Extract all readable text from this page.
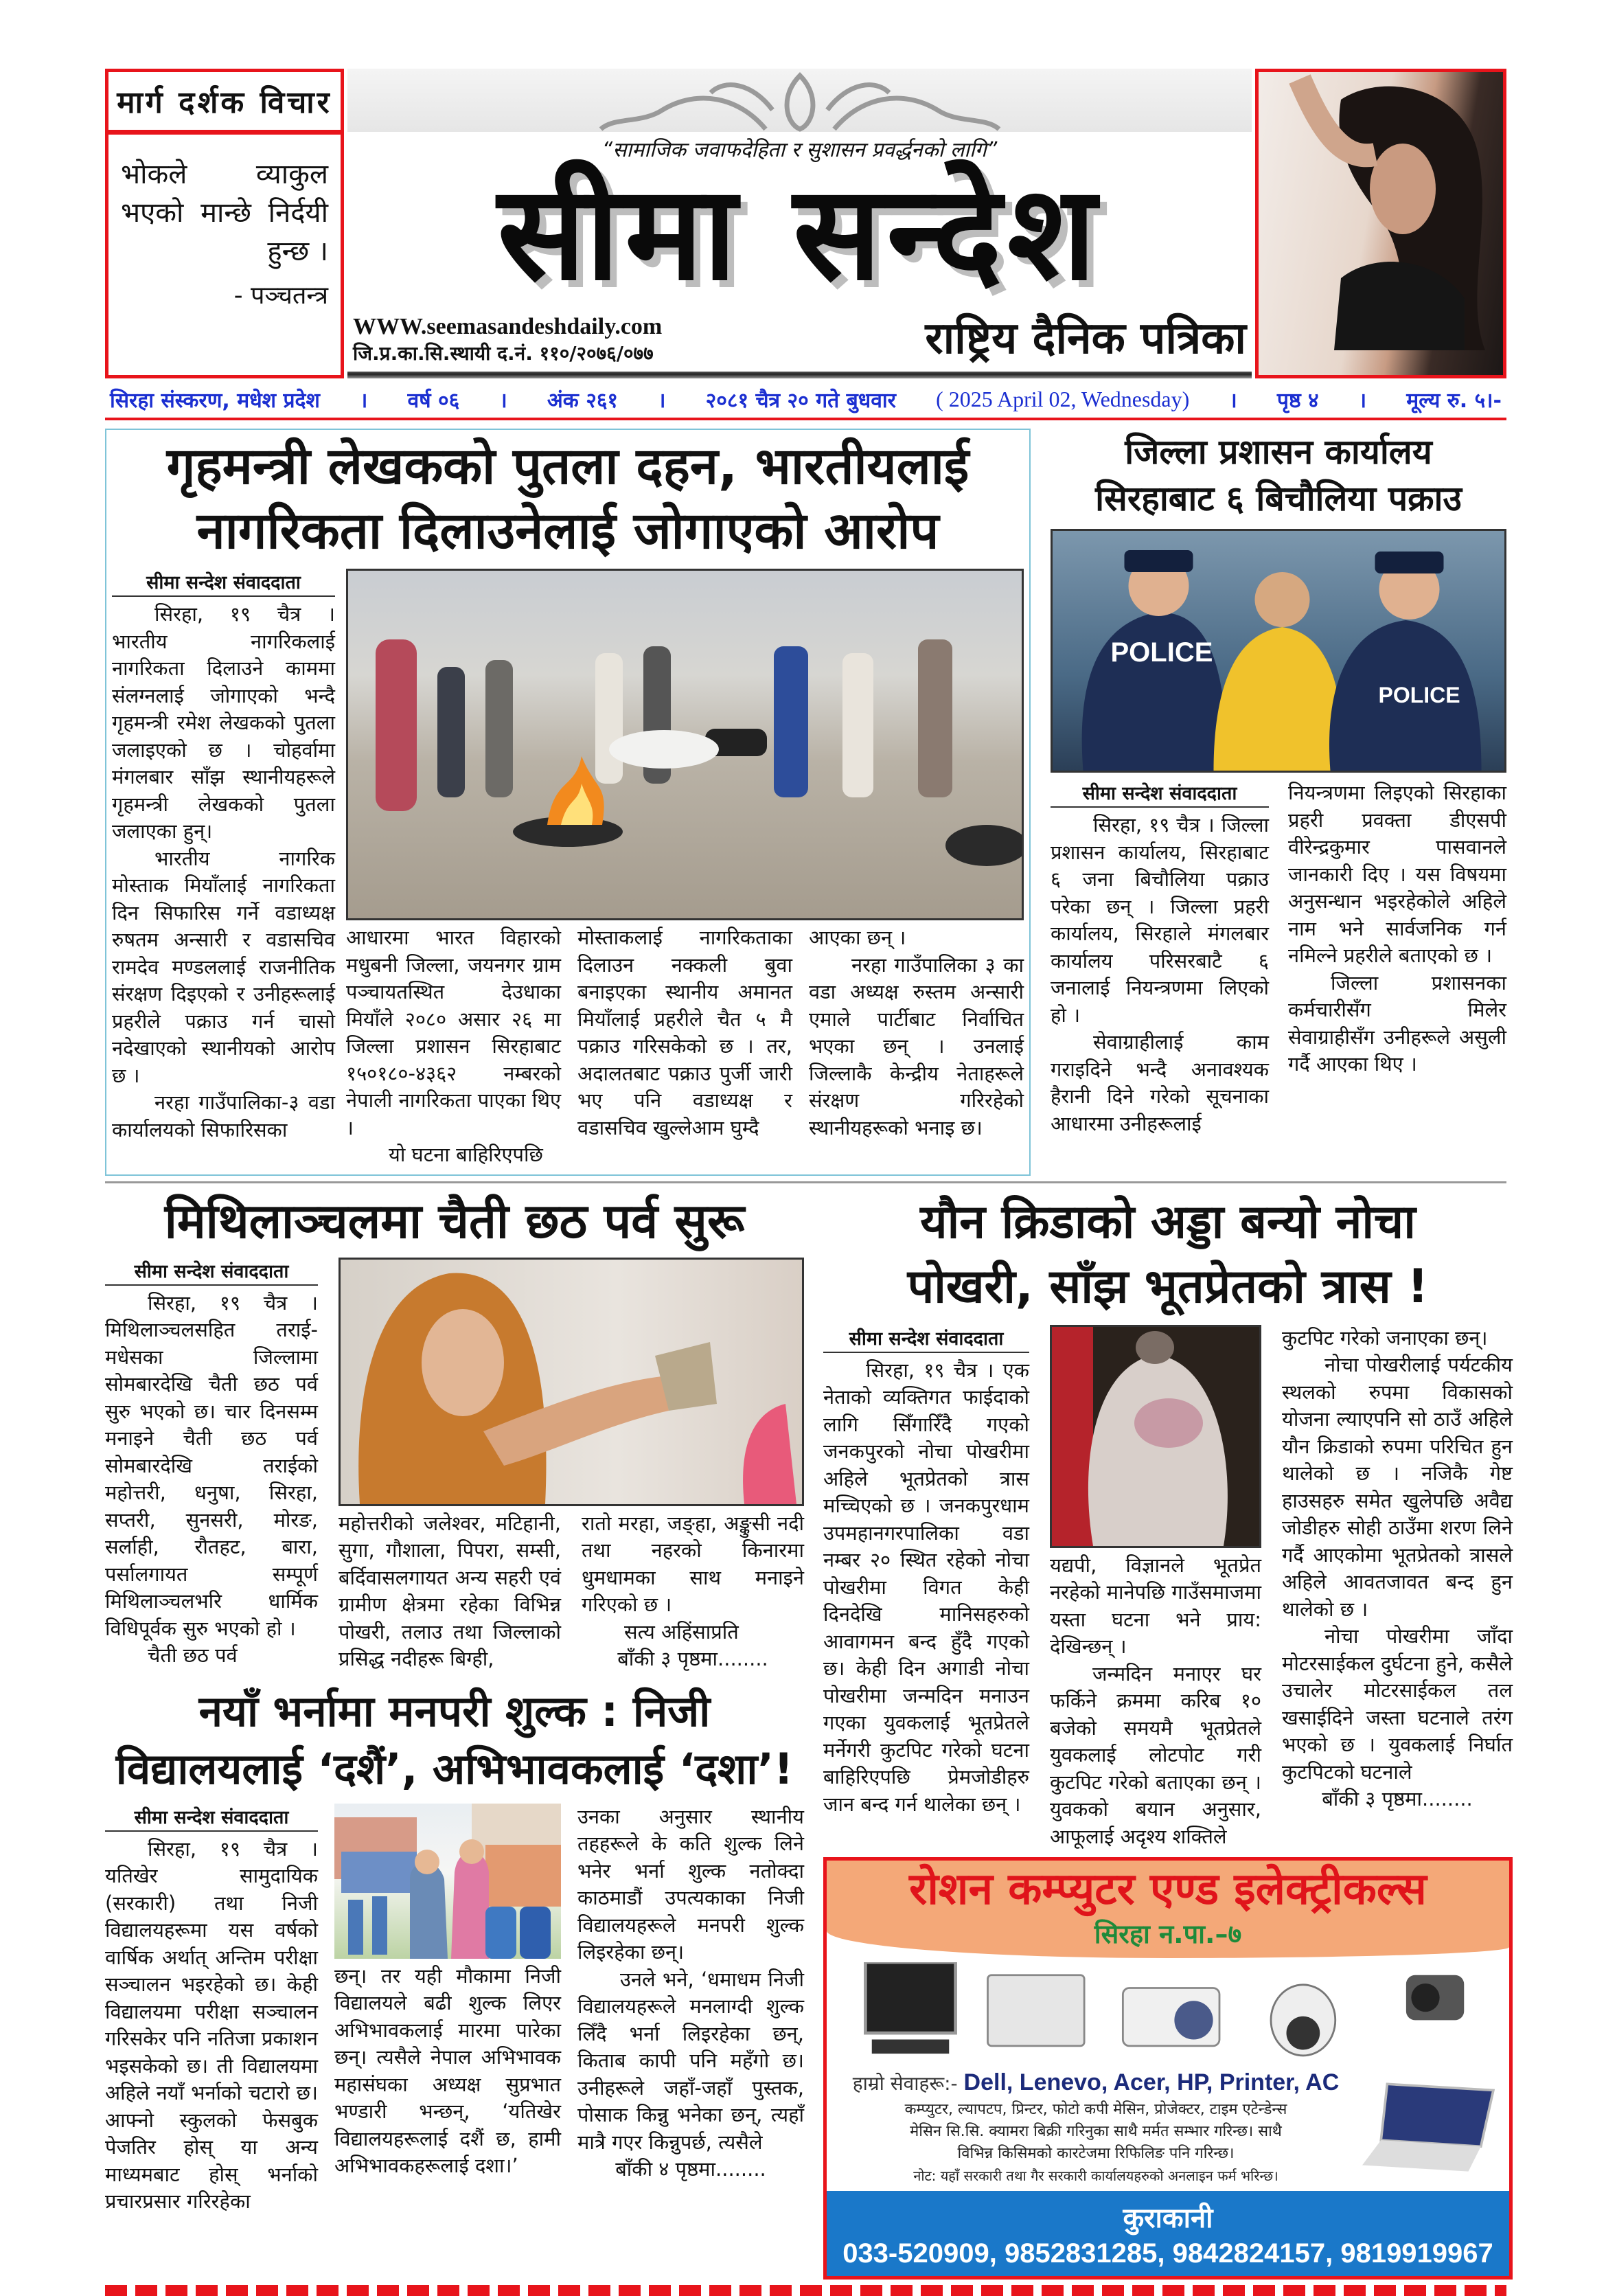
मार्ग दर्शक विचार
भोकले व्याकुल भएको मान्छे निर्दयी हुन्छ ।
- पञ्चतन्त्र
“सामाजिक जवाफदेहिता र सुशासन प्रवर्द्धनको लागि”
सीमा सन्देश
WWW.seemasandeshdaily.com
जि.प्र.का.सि.स्थायी द.नं. ११०/२०७६/०७७	राष्ट्रिय दैनिक पत्रिका
सिरहा संस्करण, मधेश प्रदेश । वर्ष ०६ । अंक २६१ । २०८१ चैत्र २० गते बुधवार ( 2025 April 02, Wednesday) । पृष्ठ ४ । मूल्य रु. ५।-
गृहमन्त्री लेखकको पुतला दहन, भारतीयलाई
नागरिकता दिलाउनेलाई जोगाएको आरोप
सीमा सन्देश संवाददाता

सिरहा, १९ चैत्र । भारतीय नागरिकलाई नागरिकता दिलाउने काममा संलग्नलाई जोगाएको भन्दै गृहमन्त्री रमेश लेखकको पुतला जलाइएको छ । चोहर्वामा मंगलबार साँझ स्थानीयहरूले गृहमन्त्री लेखकको पुतला जलाएका हुन्।

भारतीय नागरिक मोस्ताक मियाँलाई नागरिकता दिन सिफारिस गर्ने वडाध्यक्ष रुषतम अन्सारी र वडासचिव रामदेव मण्डललाई राजनीतिक संरक्षण दिइएको र उनीहरूलाई प्रहरीले पक्राउ गर्न चासो नदेखाएको स्थानीयको आरोप छ ।

नरहा गाउँपालिका-३ वडा कार्यालयको सिफारिसका

आधारमा भारत विहारको मधुबनी जिल्ला, जयनगर ग्राम पञ्चायतस्थित देउधाका मियाँले २०८० असार २६ मा जिल्ला प्रशासन सिरहाबाट १५०१८०-४३६२ नम्बरको नेपाली नागरिकता पाएका थिए ।

यो घटना बाहिरिएपछि

मोस्ताकलाई नागरिकताका दिलाउन नक्कली बुवा बनाइएका स्थानीय अमानत मियाँलाई प्रहरीले चैत ५ मै पक्राउ गरिसकेको छ । तर, अदालतबाट पक्राउ पुर्जी जारी भए पनि वडाध्यक्ष र वडासचिव खुल्लेआम घुम्दै

आएका छन् ।

नरहा गाउँपालिका ३ का वडा अध्यक्ष रुस्तम अन्सारी एमाले पार्टीबाट निर्वाचित भएका छन् । उनलाई जिल्लाकै केन्द्रीय नेताहरूले संरक्षण गरिरहेको स्थानीयहरूको भनाइ छ।

जिल्ला प्रशासन कार्यालय
सिरहाबाट ६ बिचौलिया पक्राउ
POLICE
POLICE
सीमा सन्देश संवाददाता

सिरहा, १९ चैत्र । जिल्ला प्रशासन कार्यालय, सिरहाबाट ६ जना बिचौलिया पक्राउ परेका छन् । जिल्ला प्रहरी कार्यालय, सिरहाले मंगलबार कार्यालय परिसरबाटै ६ जनालाई नियन्त्रणमा लिएको हो ।

सेवाग्राहीलाई काम गराइदिने भन्दै अनावश्यक हैरानी दिने गरेको सूचनाका आधारमा उनीहरूलाई

नियन्त्रणमा लिइएको सिरहाका प्रहरी प्रवक्ता डीएसपी वीरेन्द्रकुमार पासवानले जानकारी दिए । यस विषयमा अनुसन्धान भइरहेकोले अहिले नाम भने सार्वजनिक गर्न नमिल्ने प्रहरीले बताएको छ ।

जिल्ला प्रशासनका कर्मचारीसँग मिलेर सेवाग्राहीसँग उनीहरूले असुली गर्दै आएका थिए ।

मिथिलाञ्चलमा चैती छठ पर्व सुरू
सीमा सन्देश संवाददाता

सिरहा, १९ चैत्र । मिथिलाञ्चलसहित तराई-मधेसका जिल्लामा सोमबारदेखि चैती छठ पर्व सुरु भएको छ। चार दिनसम्म मनाइने चैती छठ पर्व सोमबारदेखि तराईको महोत्तरी, धनुषा, सिरहा, सप्तरी, सुनसरी, मोरङ, सर्लाही, रौतहट, बारा, पर्सालगायत सम्पूर्ण मिथिलाञ्चलभरि धार्मिक विधिपूर्वक सुरु भएको हो ।

चैती छठ पर्व

महोत्तरीको जलेश्वर, मटिहानी, सुगा, गौशाला, पिपरा, सम्सी, बर्दिवासलगायत अन्य सहरी एवं ग्रामीण क्षेत्रमा रहेका विभिन्न पोखरी, तलाउ तथा जिल्लाको प्रसिद्ध नदीहरू बिग्ही,

रातो मरहा, जङ्हा, अङ्कुसी नदी तथा नहरको किनारमा धुमधामका साथ मनाइने गरिएको छ ।

सत्य अहिंसाप्रति

बाँकी ३ पृष्ठमा........

नयाँ भर्नामा मनपरी शुल्क : निजी
विद्यालयलाई ‘दशैं’, अभिभावकलाई ‘दशा’!
सीमा सन्देश संवाददाता

सिरहा, १९ चैत्र । यतिखेर सामुदायिक (सरकारी) तथा निजी विद्यालयहरूमा यस वर्षको वार्षिक अर्थात् अन्तिम परीक्षा सञ्चालन भइरहेको छ। केही विद्यालयमा परीक्षा सञ्चालन गरिसकेर पनि नतिजा प्रकाशन भइसकेको छ। ती विद्यालयमा अहिले नयाँ भर्नाको चटारो छ। आफ्नो स्कुलको फेसबुक पेजतिर होस् या अन्य माध्यमबाट होस् भर्नाको प्रचारप्रसार गरिरहेका

छन्। तर यही मौकामा निजी विद्यालयले बढी शुल्क लिएर अभिभावकलाई मारमा पारेका छन्। त्यसैले नेपाल अभिभावक महासंघका अध्यक्ष सुप्रभात भण्डारी भन्छन्, ‘यतिखेर विद्यालयहरूलाई दशैं छ, हामी अभिभावकहरूलाई दशा।’

उनका अनुसार स्थानीय तहहरूले के कति शुल्क लिने भनेर भर्ना शुल्क नतोक्दा काठमाडौं उपत्यकाका निजी विद्यालयहरूले मनपरी शुल्क लिइरहेका छन्।

उनले भने, ‘धमाधम निजी विद्यालयहरूले मनलाग्दी शुल्क लिँदै भर्ना लिइरहेका छन्, किताब कापी पनि महँगो छ। उनीहरूले जहाँ-जहाँ पुस्तक, पोसाक किन्नु भनेका छन्, त्यहाँ मात्रै गएर किन्नुपर्छ, त्यसैले

बाँकी ४ पृष्ठमा........

यौन क्रिडाको अड्डा बन्यो नोचा
पोखरी, साँझ भूतप्रेतको त्रास !
सीमा सन्देश संवाददाता

सिरहा, १९ चैत्र । एक नेताको व्यक्तिगत फाईदाको लागि सिँगारिँदै गएको जनकपुरको नोचा पोखरीमा अहिले भूतप्रेतको त्रास मच्चिएको छ । जनकपुरधाम उपमहानगरपालिका वडा नम्बर २० स्थित रहेको नोचा पोखरीमा विगत केही दिनदेखि मानिसहरुको आवागमन बन्द हुँदै गएको छ। केही दिन अगाडी नोचा पोखरीमा जन्मदिन मनाउन गएका युवकलाई भूतप्रेतले मर्नेगरी कुटपिट गरेको घटना बाहिरिएपछि प्रेमजोडीहरु जान बन्द गर्न थालेका छन् ।

यद्यपी, विज्ञानले भूतप्रेत नरहेको मानेपछि गाउँसमाजमा यस्ता घटना भने प्राय: देखिन्छन् ।

जन्मदिन मनाएर घर फर्किने क्रममा करिब १० बजेको समयमै भूतप्रेतले युवकलाई लोटपोट गरी कुटपिट गरेको बताएका छन् । युवकको बयान अनुसार, आफूलाई अदृश्य शक्तिले

कुटपिट गरेको जनाएका छन्।

नोचा पोखरीलाई पर्यटकीय स्थलको रुपमा विकासको योजना ल्याएपनि सो ठाउँ अहिले यौन क्रिडाको रुपमा परिचित हुन थालेको छ । नजिकै गेष्ट हाउसहरु समेत खुलेपछि अवैद्य जोडीहरु सोही ठाउँमा शरण लिने गर्दै आएकोमा भूतप्रेतको त्रासले अहिले आवतजावत बन्द हुन थालेको छ ।

नोचा पोखरीमा जाँदा मोटरसाईकल दुर्घटना हुने, कसैले उचालेर मोटरसाईकल तल खसाईदिने जस्ता घटनाले तरंग भएको छ । युवकलाई निर्घात कुटपिटको घटनाले

बाँकी ३ पृष्ठमा........

रोशन कम्प्युटर एण्ड इलेक्ट्रीकल्स
सिरहा न.पा.–७
हाम्रो सेवाहरू:- Dell, Lenevo, Acer, HP, Printer, AC
कम्प्युटर, ल्यापटप, प्रिन्टर, फोटो कपी मेसिन, प्रोजेक्टर, टाइम एटेन्डेन्स
मेसिन सि.सि. क्यामरा बिक्री गरिनुका साथै मर्मत सम्भार गरिन्छ। साथै
विभिन्न किसिमको कारटेजमा रिफिलिङ पनि गरिन्छ।
नोट: यहाँ सरकारी तथा गैर सरकारी कार्यालयहरुको अनलाइन फर्म भरिन्छ।
कुराकानी
033-520909, 9852831285, 9842824157, 9819919967
